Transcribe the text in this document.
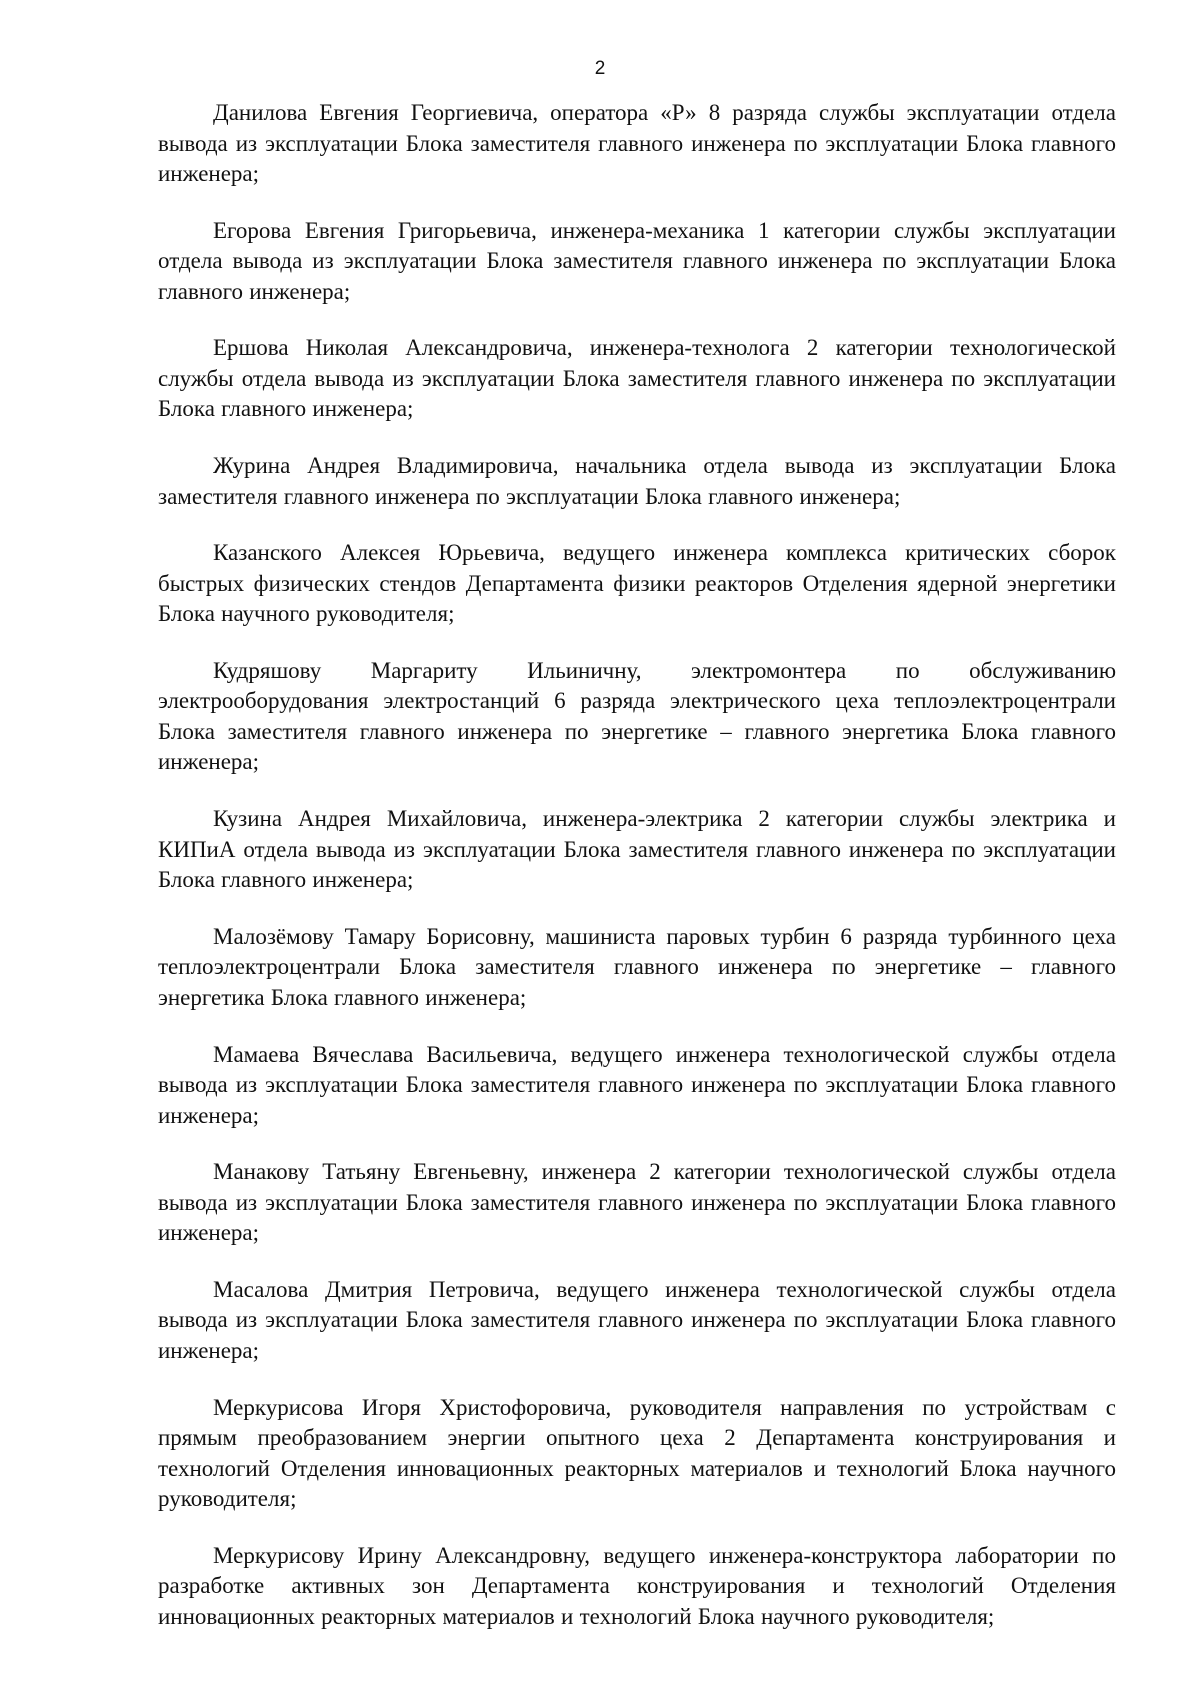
2

Данилова Евгения Георгиевича, оператора «Р» 8 разряда службы эксплуатации отдела вывода из эксплуатации Блока заместителя главного инженера по эксплуатации Блока главного инженера;

Егорова Евгения Григорьевича, инженера-механика 1 категории службы эксплуатации отдела вывода из эксплуатации Блока заместителя главного инженера по эксплуатации Блока главного инженера;

Ершова Николая Александровича, инженера-технолога 2 категории технологической службы отдела вывода из эксплуатации Блока заместителя главного инженера по эксплуатации Блока главного инженера;

Журина Андрея Владимировича, начальника отдела вывода из эксплуатации Блока заместителя главного инженера по эксплуатации Блока главного инженера;

Казанского Алексея Юрьевича, ведущего инженера комплекса критических сборок быстрых физических стендов Департамента физики реакторов Отделения ядерной энергетики Блока научного руководителя;

Кудряшову Маргариту Ильиничну, электромонтера по обслуживанию электрооборудования электростанций 6 разряда электрического цеха теплоэлектроцентрали Блока заместителя главного инженера по энергетике – главного энергетика Блока главного инженера;

Кузина Андрея Михайловича, инженера-электрика 2 категории службы электрика и КИПиА отдела вывода из эксплуатации Блока заместителя главного инженера по эксплуатации Блока главного инженера;

Малозёмову Тамару Борисовну, машиниста паровых турбин 6 разряда турбинного цеха теплоэлектроцентрали Блока заместителя главного инженера по энергетике – главного энергетика Блока главного инженера;

Мамаева Вячеслава Васильевича, ведущего инженера технологической службы отдела вывода из эксплуатации Блока заместителя главного инженера по эксплуатации Блока главного инженера;

Манакову Татьяну Евгеньевну, инженера 2 категории технологической службы отдела вывода из эксплуатации Блока заместителя главного инженера по эксплуатации Блока главного инженера;

Масалова Дмитрия Петровича, ведущего инженера технологической службы отдела вывода из эксплуатации Блока заместителя главного инженера по эксплуатации Блока главного инженера;

Меркурисова Игоря Христофоровича, руководителя направления по устройствам с прямым преобразованием энергии опытного цеха 2 Департамента конструирования и технологий Отделения инновационных реакторных материалов и технологий Блока научного руководителя;

Меркурисову Ирину Александровну, ведущего инженера-конструктора лаборатории по разработке активных зон Департамента конструирования и технологий Отделения инновационных реакторных материалов и технологий Блока научного руководителя;
